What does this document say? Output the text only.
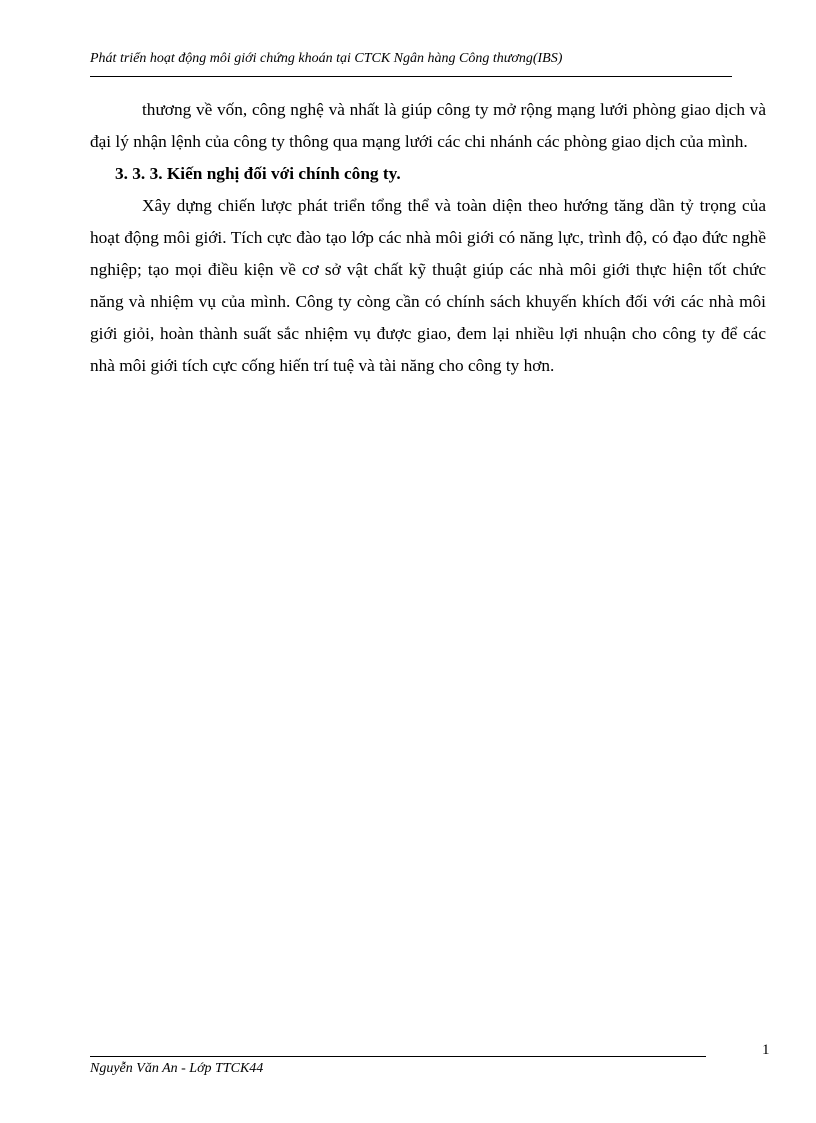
Phát triển hoạt động môi giới chứng khoán tại CTCK Ngân hàng Công thương(IBS)

thương về vốn, công nghệ và nhất là giúp công ty mở rộng mạng lưới phòng giao dịch và đại lý nhận lệnh của công ty thông qua mạng lưới các chi nhánh các phòng giao dịch của mình.

3. 3. 3. Kiến nghị đối với chính công ty.

Xây dựng chiến lược phát triển tổng thể và toàn diện theo hướng tăng dần tỷ trọng của hoạt động môi giới. Tích cực đào tạo lớp các nhà môi giới có năng lực, trình độ, có đạo đức nghề nghiệp; tạo mọi điều kiện về cơ sở vật chất kỹ thuật giúp các nhà môi giới thực hiện tốt chức năng và nhiệm vụ của mình. Công ty còng cần có chính sách khuyến khích đối với các nhà môi giới giỏi, hoàn thành suất sắc nhiệm vụ được giao, đem lại nhiều lợi nhuận cho công ty để các nhà môi giới tích cực cống hiến trí tuệ và tài năng cho công ty hơn.

1
Nguyễn Văn An - Lớp TTCK44
